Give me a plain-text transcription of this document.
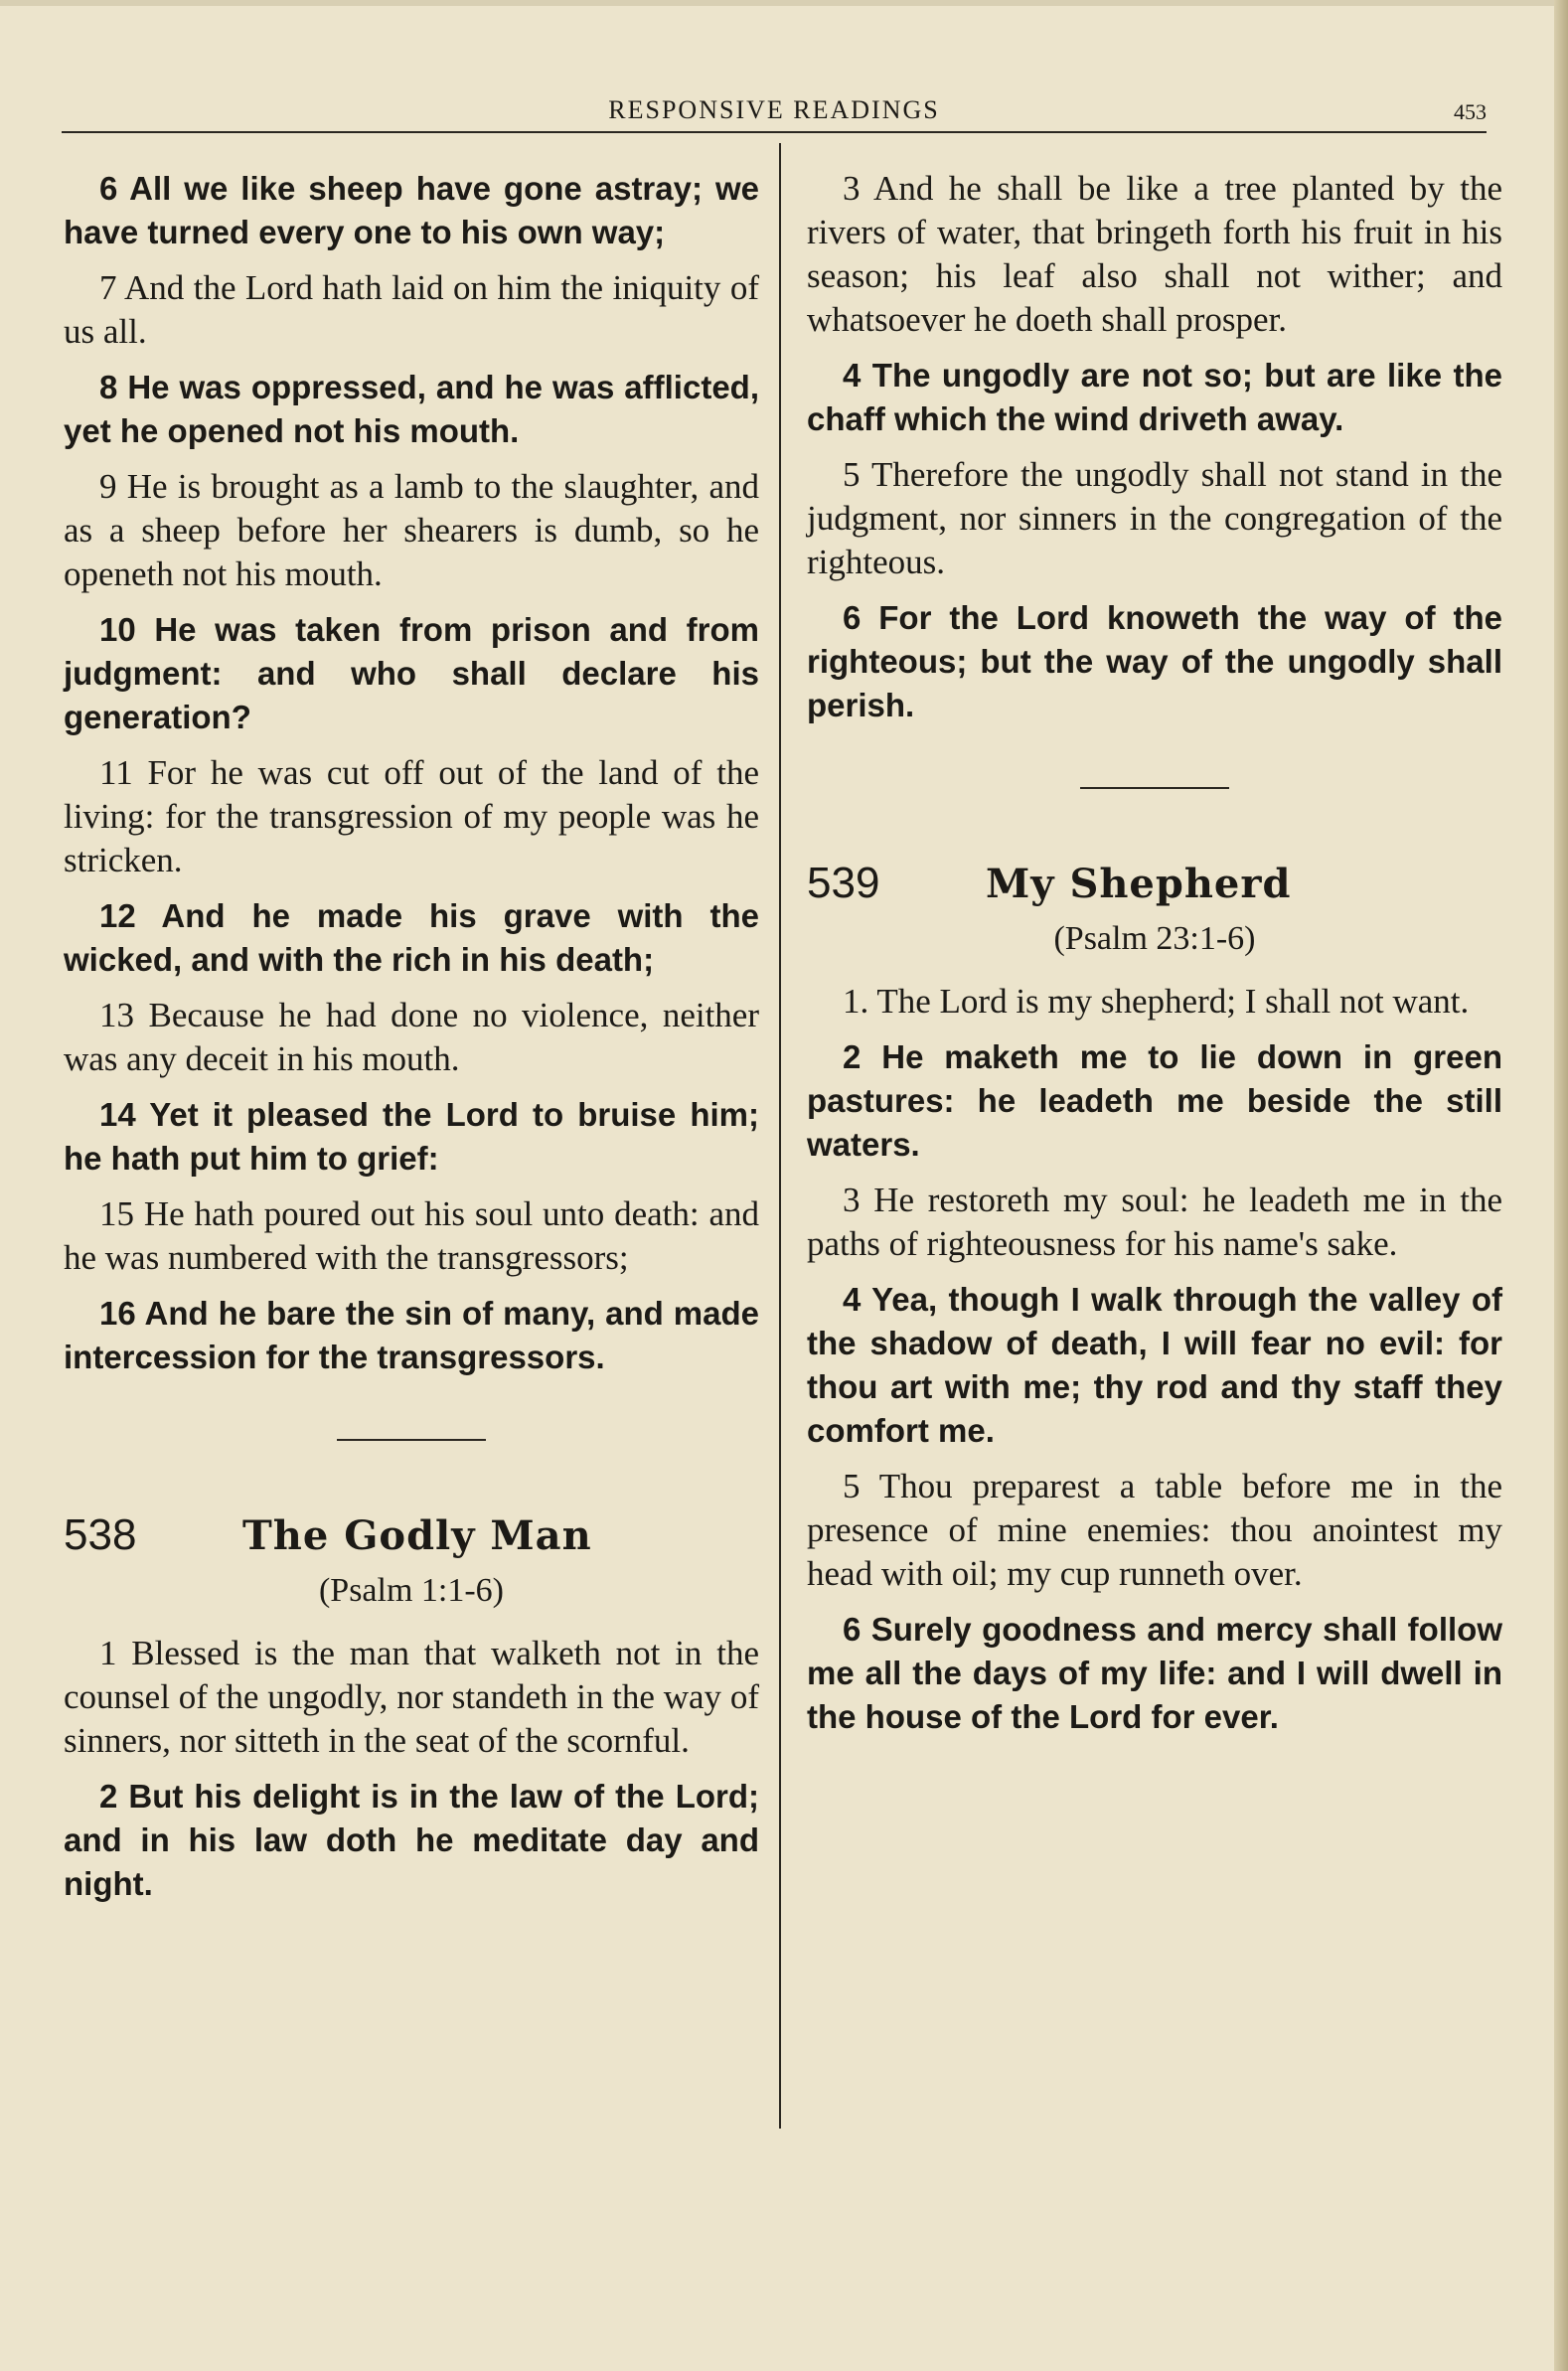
RESPONSIVE READINGS	453

6 All we like sheep have gone astray; we have turned every one to his own way;

7 And the Lord hath laid on him the iniquity of us all.

8 He was oppressed, and he was afflicted, yet he opened not his mouth.

9 He is brought as a lamb to the slaughter, and as a sheep before her shearers is dumb, so he openeth not his mouth.

10 He was taken from prison and from judgment: and who shall declare his generation?

11 For he was cut off out of the land of the living: for the transgression of my people was he stricken.

12 And he made his grave with the wicked, and with the rich in his death;

13 Because he had done no violence, neither was any deceit in his mouth.

14 Yet it pleased the Lord to bruise him; he hath put him to grief:

15 He hath poured out his soul unto death: and he was numbered with the transgressors;

16 And he bare the sin of many, and made intercession for the transgressors.

538	The Godly Man
(Psalm 1:1-6)

1 Blessed is the man that walketh not in the counsel of the ungodly, nor standeth in the way of sinners, nor sitteth in the seat of the scornful.

2 But his delight is in the law of the Lord; and in his law doth he meditate day and night.

3 And he shall be like a tree planted by the rivers of water, that bringeth forth his fruit in his season; his leaf also shall not wither; and whatsoever he doeth shall prosper.

4 The ungodly are not so; but are like the chaff which the wind driveth away.

5 Therefore the ungodly shall not stand in the judgment, nor sinners in the congregation of the righteous.

6 For the Lord knoweth the way of the righteous; but the way of the ungodly shall perish.

539	My Shepherd
(Psalm 23:1-6)

1. The Lord is my shepherd; I shall not want.

2 He maketh me to lie down in green pastures: he leadeth me beside the still waters.

3 He restoreth my soul: he leadeth me in the paths of righteousness for his name's sake.

4 Yea, though I walk through the valley of the shadow of death, I will fear no evil: for thou art with me; thy rod and thy staff they comfort me.

5 Thou preparest a table before me in the presence of mine enemies: thou anointest my head with oil; my cup runneth over.

6 Surely goodness and mercy shall follow me all the days of my life: and I will dwell in the house of the Lord for ever.
